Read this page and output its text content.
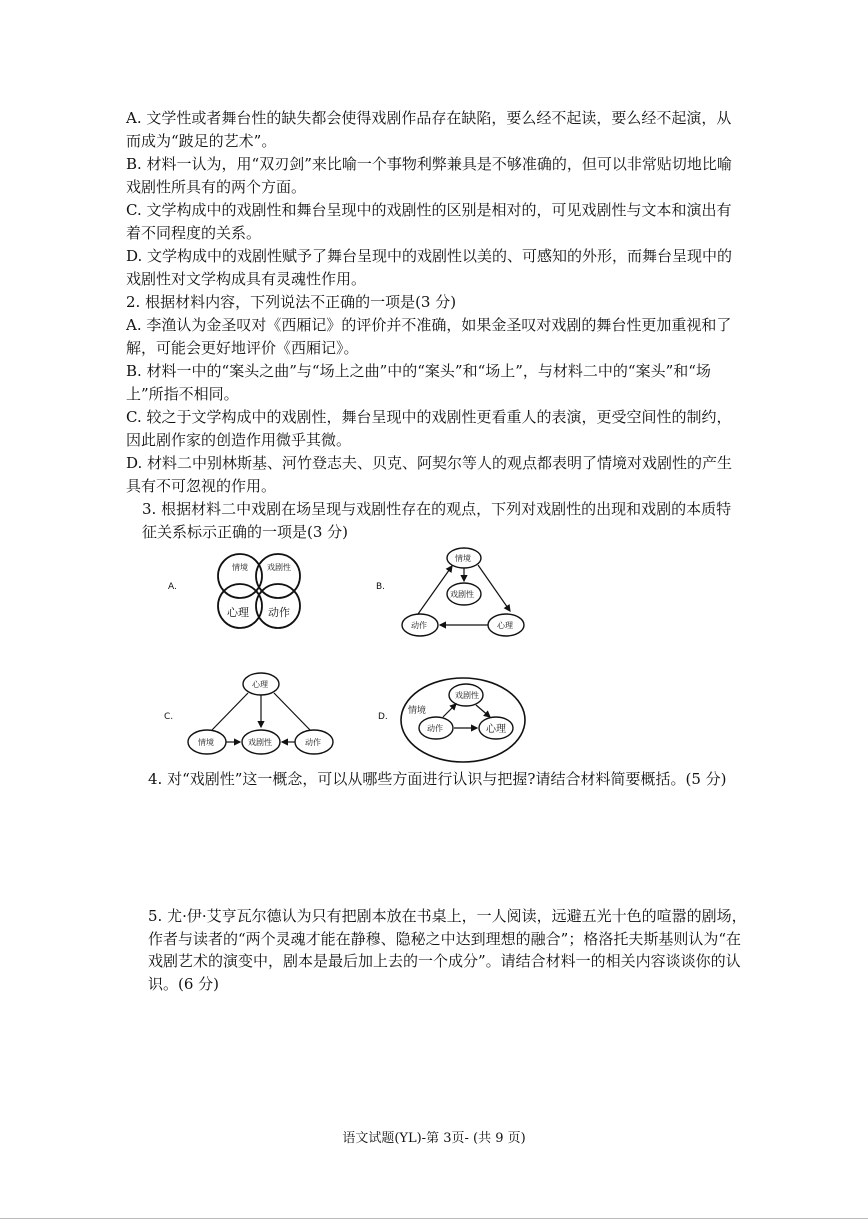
A. 文学性或者舞台性的缺失都会使得戏剧作品存在缺陷，要么经不起读，要么经不起演，从而成为“跛足的艺术”。

B. 材料一认为，用“双刃剑”来比喻一个事物利弊兼具是不够准确的，但可以非常贴切地比喻戏剧性所具有的两个方面。

C. 文学构成中的戏剧性和舞台呈现中的戏剧性的区别是相对的，可见戏剧性与文本和演出有着不同程度的关系。

D. 文学构成中的戏剧性赋予了舞台呈现中的戏剧性以美的、可感知的外形，而舞台呈现中的戏剧性对文学构成具有灵魂性作用。

2. 根据材料内容，下列说法不正确的一项是(3 分)

A. 李渔认为金圣叹对《西厢记》的评价并不准确，如果金圣叹对戏剧的舞台性更加重视和了解，可能会更好地评价《西厢记》。

B. 材料一中的“案头之曲”与“场上之曲”中的“案头”和“场上”，与材料二中的“案头”和“场上”所指不相同。

C. 较之于文学构成中的戏剧性，舞台呈现中的戏剧性更看重人的表演，更受空间性的制约，因此剧作家的创造作用微乎其微。

D. 材料二中别林斯基、河竹登志夫、贝克、阿契尔等人的观点都表明了情境对戏剧性的产生具有不可忽视的作用。

3. 根据材料二中戏剧在场呈现与戏剧性存在的观点，下列对戏剧性的出现和戏剧的本质特征关系标示正确的一项是(3 分)

A.
情境 戏剧性
心理 动作
B.
情境
戏剧性
动作	心理
C.
心理
情境	戏剧性	动作
D.
情境
戏剧性
动作	心理

4. 对“戏剧性”这一概念，可以从哪些方面进行认识与把握?请结合材料简要概括。(5 分)

5. 尤·伊·艾亨瓦尔德认为只有把剧本放在书桌上，一人阅读，远避五光十色的喧嚣的剧场，作者与读者的“两个灵魂才能在静穆、隐秘之中达到理想的融合”；格洛托夫斯基则认为“在戏剧艺术的演变中，剧本是最后加上去的一个成分”。请结合材料一的相关内容谈谈你的认识。(6 分)

语文试题(YL)-第 3页- (共 9 页)
